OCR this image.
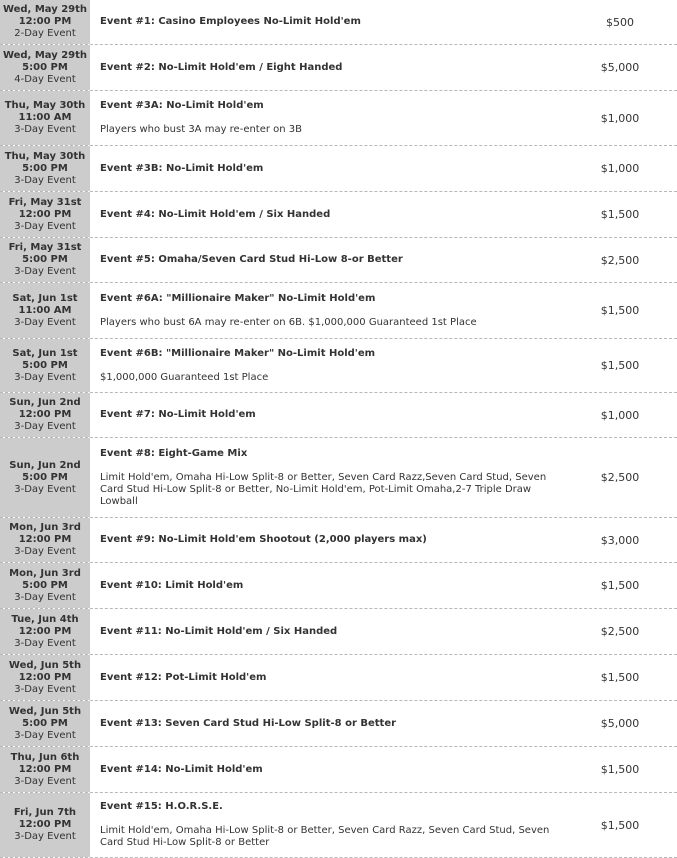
Wed, May 29th
12:00 PM
2-Day Event
Event #1: Casino Employees No-Limit Hold'em	$500
Wed, May 29th
5:00 PM
4-Day Event
Event #2: No-Limit Hold'em / Eight Handed	$5,000
Thu, May 30th
11:00 AM
3-Day Event
Event #3A: No-Limit Hold'em
Players who bust 3A may re-enter on 3B
$1,000
Thu, May 30th
5:00 PM
3-Day Event
Event #3B: No-Limit Hold'em	$1,000
Fri, May 31st
12:00 PM
3-Day Event
Event #4: No-Limit Hold'em / Six Handed	$1,500
Fri, May 31st
5:00 PM
3-Day Event
Event #5: Omaha/Seven Card Stud Hi-Low 8-or Better	$2,500
Sat, Jun 1st
11:00 AM
3-Day Event
Event #6A: "Millionaire Maker" No-Limit Hold'em
Players who bust 6A may re-enter on 6B. $1,000,000 Guaranteed 1st Place
$1,500
Sat, Jun 1st
5:00 PM
3-Day Event
Event #6B: "Millionaire Maker" No-Limit Hold'em
$1,000,000 Guaranteed 1st Place
$1,500
Sun, Jun 2nd
12:00 PM
3-Day Event
Event #7: No-Limit Hold'em	$1,000
Sun, Jun 2nd
5:00 PM
3-Day Event
Event #8: Eight-Game Mix
Limit Hold'em, Omaha Hi-Low Split-8 or Better, Seven Card Razz,Seven Card Stud, Seven Card Stud Hi-Low Split-8 or Better, No-Limit Hold'em, Pot-Limit Omaha,2-7 Triple Draw Lowball
$2,500
Mon, Jun 3rd
12:00 PM
3-Day Event
Event #9: No-Limit Hold'em Shootout (2,000 players max)	$3,000
Mon, Jun 3rd
5:00 PM
3-Day Event
Event #10: Limit Hold'em	$1,500
Tue, Jun 4th
12:00 PM
3-Day Event
Event #11: No-Limit Hold'em / Six Handed	$2,500
Wed, Jun 5th
12:00 PM
3-Day Event
Event #12: Pot-Limit Hold'em	$1,500
Wed, Jun 5th
5:00 PM
3-Day Event
Event #13: Seven Card Stud Hi-Low Split-8 or Better	$5,000
Thu, Jun 6th
12:00 PM
3-Day Event
Event #14: No-Limit Hold'em	$1,500
Fri, Jun 7th
12:00 PM
3-Day Event
Event #15: H.O.R.S.E.
Limit Hold'em, Omaha Hi-Low Split-8 or Better, Seven Card Razz, Seven Card Stud, Seven Card Stud Hi-Low Split-8 or Better
$1,500
